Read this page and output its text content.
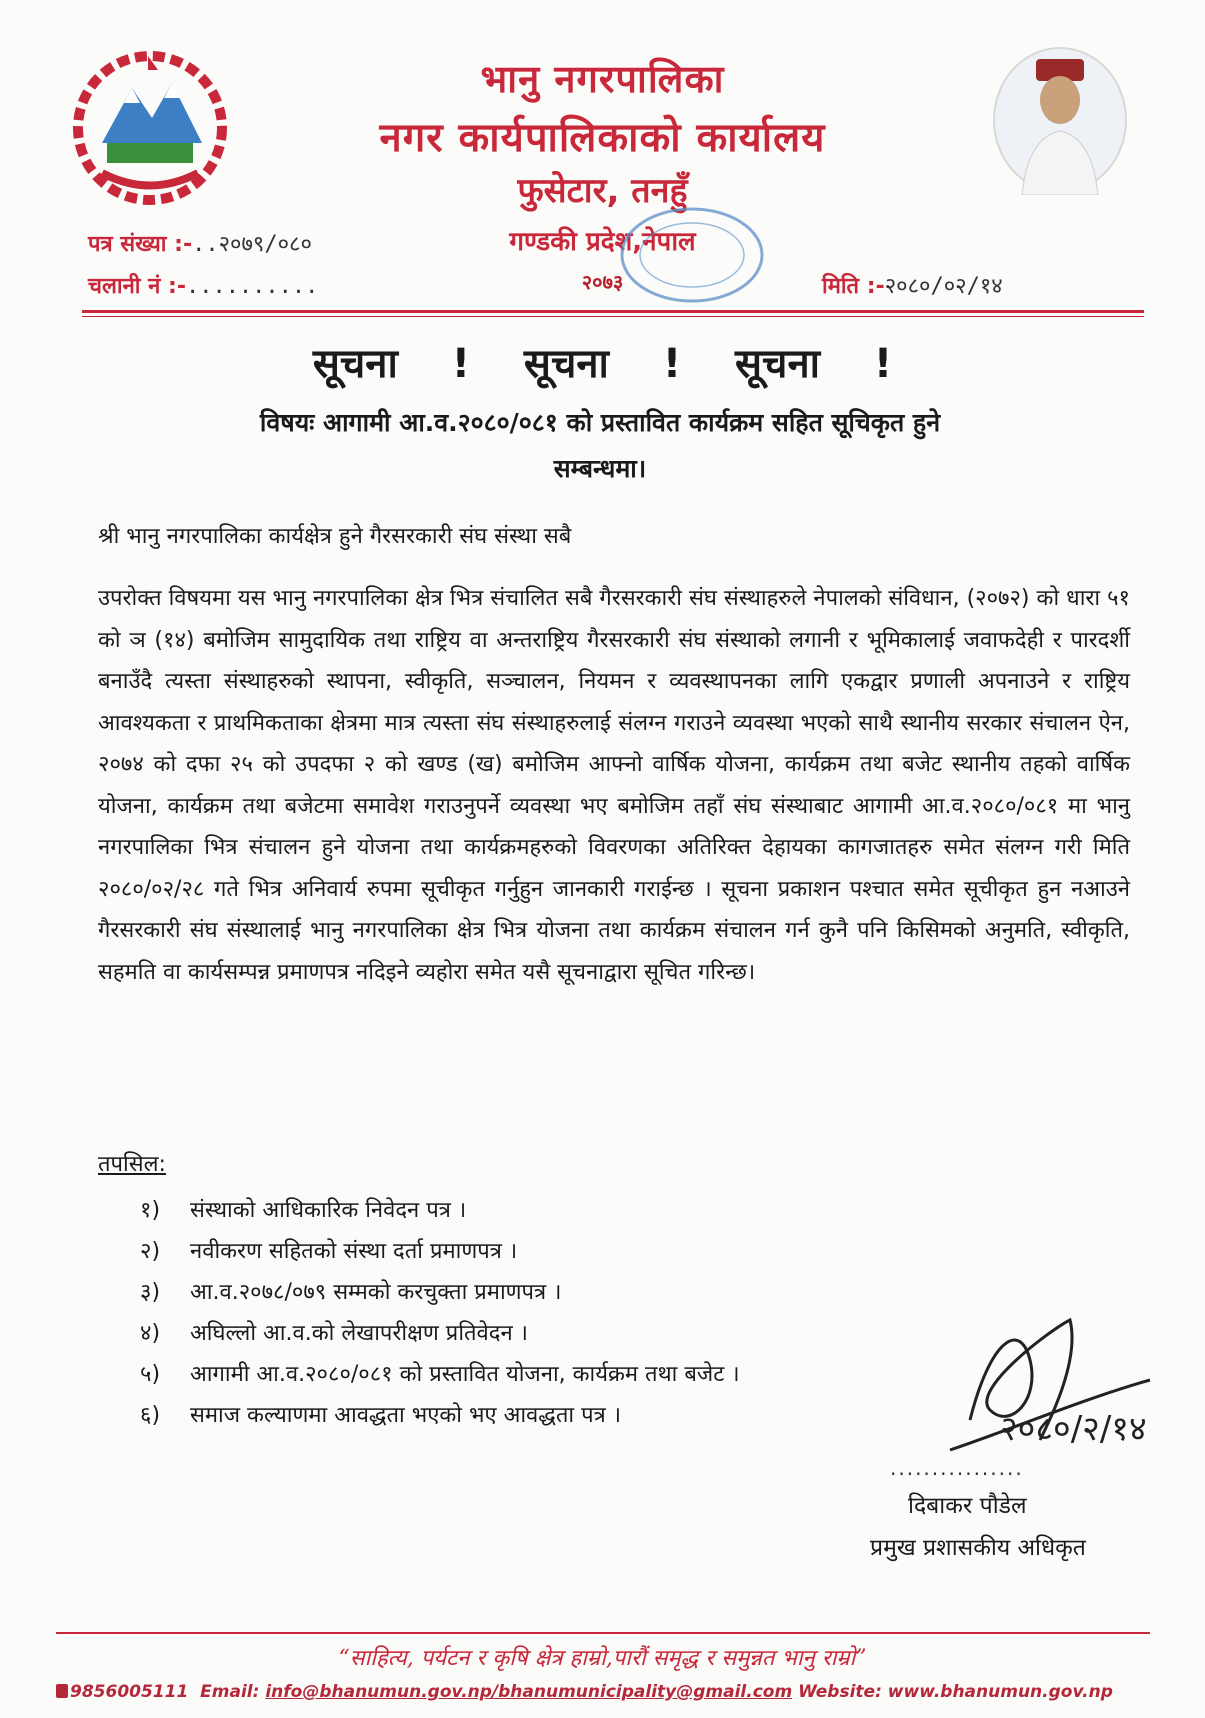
भानु नगरपालिका
नगर कार्यपालिकाको कार्यालय
फुसेटार, तनहुँ
गण्डकी प्रदेश,नेपाल
२०७३
पत्र संख्या :-..२०७९/०८०
चलानी नं :-..........	मिति :-२०८०/०२/१४
सूचना ! सूचना ! सूचना !
विषयः आगामी आ.व.२०८०/०८१ को प्रस्तावित कार्यक्रम सहित सूचिकृत हुने
सम्बन्धमा।
श्री भानु नगरपालिका कार्यक्षेत्र हुने गैरसरकारी संघ संस्था सबै
उपरोक्त विषयमा यस भानु नगरपालिका क्षेत्र भित्र संचालित सबै गैरसरकारी संघ संस्थाहरुले नेपालको संविधान, (२०७२) को धारा ५१ को ञ (१४) बमोजिम सामुदायिक तथा राष्ट्रिय वा अन्तराष्ट्रिय गैरसरकारी संघ संस्थाको लगानी र भूमिकालाई जवाफदेही र पारदर्शी बनाउँदै त्यस्ता संस्थाहरुको स्थापना, स्वीकृति, सञ्चालन, नियमन र व्यवस्थापनका लागि एकद्वार प्रणाली अपनाउने र राष्ट्रिय आवश्यकता र प्राथमिकताका क्षेत्रमा मात्र त्यस्ता संघ संस्थाहरुलाई संलग्न गराउने व्यवस्था भएको साथै स्थानीय सरकार संचालन ऐन, २०७४ को दफा २५ को उपदफा २ को खण्ड (ख) बमोजिम आफ्नो वार्षिक योजना, कार्यक्रम तथा बजेट स्थानीय तहको वार्षिक योजना, कार्यक्रम तथा बजेटमा समावेश गराउनुपर्ने व्यवस्था भए बमोजिम तहाँ संघ संस्थाबाट आगामी आ.व.२०८०/०८१ मा भानु नगरपालिका भित्र संचालन हुने योजना तथा कार्यक्रमहरुको विवरणका अतिरिक्त देहायका कागजातहरु समेत संलग्न गरी मिति २०८०/०२/२८ गते भित्र अनिवार्य रुपमा सूचीकृत गर्नुहुन जानकारी गराईन्छ । सूचना प्रकाशन पश्चात समेत सूचीकृत हुन नआउने गैरसरकारी संघ संस्थालाई भानु नगरपालिका क्षेत्र भित्र योजना तथा कार्यक्रम संचालन गर्न कुनै पनि किसिमको अनुमति, स्वीकृति, सहमति वा कार्यसम्पन्न प्रमाणपत्र नदिइने व्यहोरा समेत यसै सूचनाद्वारा सूचित गरिन्छ।
तपसिल:
१) संस्थाको आधिकारिक निवेदन पत्र ।
२) नवीकरण सहितको संस्था दर्ता प्रमाणपत्र ।
३) आ.व.२०७८/०७९ सम्मको करचुक्ता प्रमाणपत्र ।
४) अघिल्लो आ.व.को लेखापरीक्षण प्रतिवेदन ।
५) आगामी आ.व.२०८०/०८१ को प्रस्तावित योजना, कार्यक्रम तथा बजेट ।
६) समाज कल्याणमा आवद्धता भएको भए आवद्धता पत्र ।	२०८०/२/१४
................
दिबाकर पौडेल
प्रमुख प्रशासकीय अधिकृत
“साहित्य, पर्यटन र कृषि क्षेत्र हाम्रो,पारौं समृद्ध र समुन्नत भानु राम्रो”
9856005111 Email: info@bhanumun.gov.np/bhanumunicipality@gmail.com Website: www.bhanumun.gov.np
